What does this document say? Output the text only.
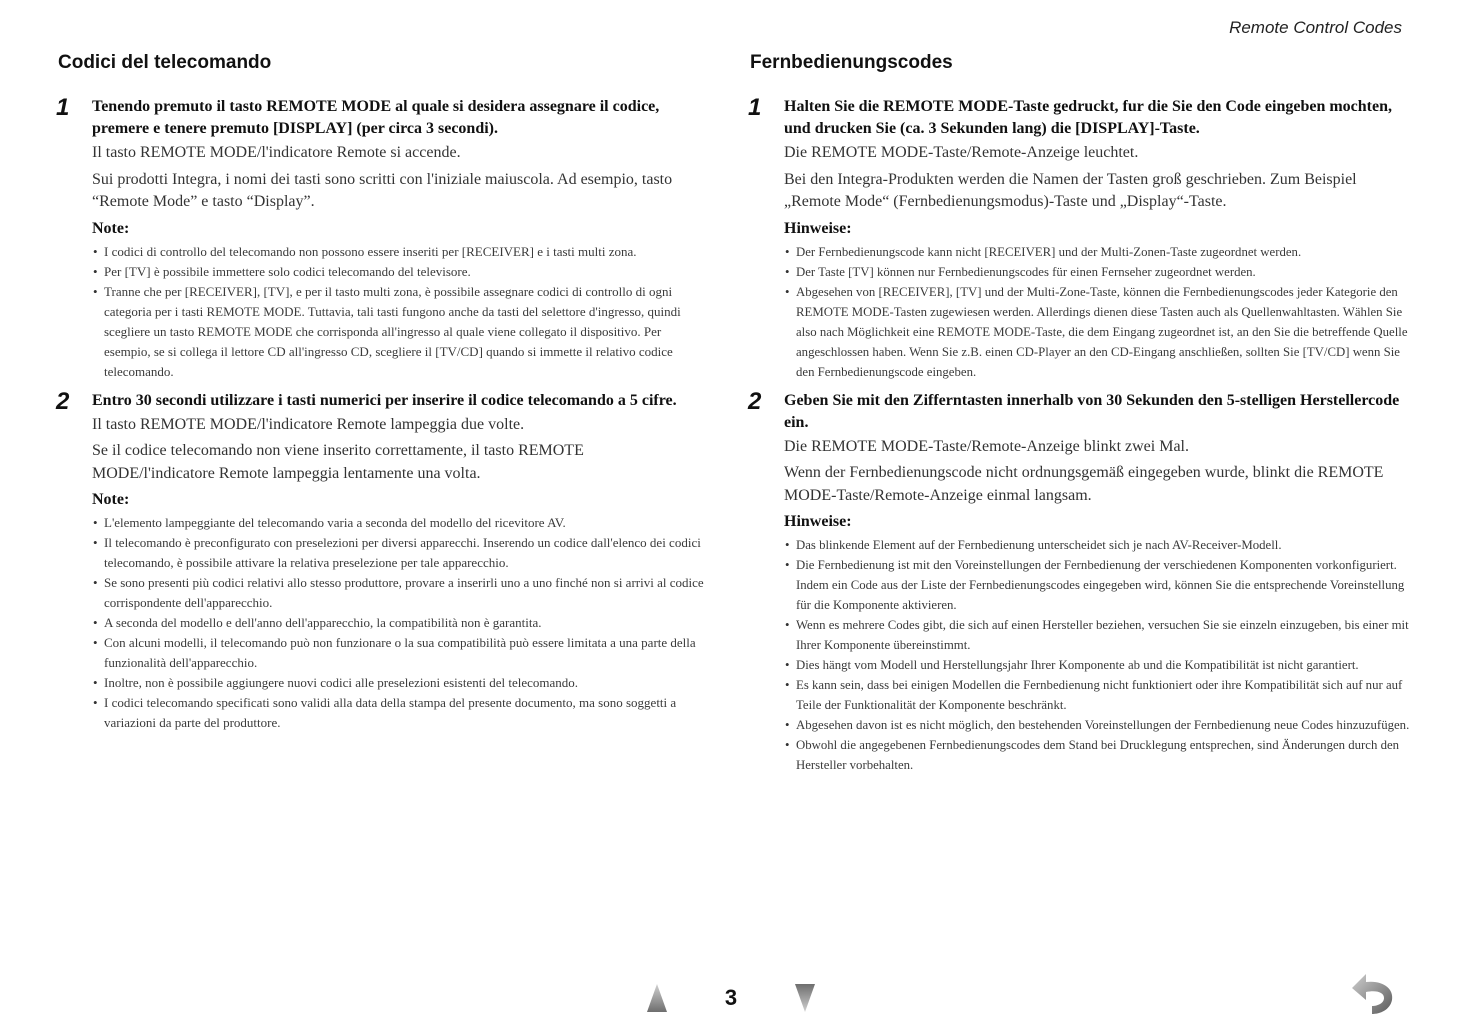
Remote Control Codes
Codici del telecomando
1 Tenendo premuto il tasto REMOTE MODE al quale si desidera assegnare il codice, premere e tenere premuto [DISPLAY] (per circa 3 secondi).

Il tasto REMOTE MODE/l'indicatore Remote si accende.

Sui prodotti Integra, i nomi dei tasti sono scritti con l'iniziale maiuscola. Ad esempio, tasto “Remote Mode” e tasto “Display”.

Note:
• I codici di controllo del telecomando non possono essere inseriti per [RECEIVER] e i tasti multi zona.
• Per [TV] è possibile immettere solo codici telecomando del televisore.
• Tranne che per [RECEIVER], [TV], e per il tasto multi zona, è possibile assegnare codici di controllo di ogni categoria per i tasti REMOTE MODE. Tuttavia, tali tasti fungono anche da tasti del selettore d'ingresso, quindi scegliere un tasto REMOTE MODE che corrisponda all'ingresso al quale viene collegato il dispositivo. Per esempio, se si collega il lettore CD all'ingresso CD, scegliere il [TV/CD] quando si immette il relativo codice telecomando.
2 Entro 30 secondi utilizzare i tasti numerici per inserire il codice telecomando a 5 cifre.

Il tasto REMOTE MODE/l'indicatore Remote lampeggia due volte.

Se il codice telecomando non viene inserito correttamente, il tasto REMOTE MODE/l'indicatore Remote lampeggia lentamente una volta.

Note:
• L'elemento lampeggiante del telecomando varia a seconda del modello del ricevitore AV.
• Il telecomando è preconfigurato con preselezioni per diversi apparecchi. Inserendo un codice dall'elenco dei codici telecomando, è possibile attivare la relativa preselezione per tale apparecchio.
• Se sono presenti più codici relativi allo stesso produttore, provare a inserirli uno a uno finché non si arrivi al codice corrispondente dell'apparecchio.
• A seconda del modello e dell'anno dell'apparecchio, la compatibilità non è garantita.
• Con alcuni modelli, il telecomando può non funzionare o la sua compatibilità può essere limitata a una parte della funzionalità dell'apparecchio.
• Inoltre, non è possibile aggiungere nuovi codici alle preselezioni esistenti del telecomando.
• I codici telecomando specificati sono validi alla data della stampa del presente documento, ma sono soggetti a variazioni da parte del produttore.
Fernbedienungscodes
1 Halten Sie die REMOTE MODE-Taste gedruckt, fur die Sie den Code eingeben mochten, und drucken Sie (ca. 3 Sekunden lang) die [DISPLAY]-Taste.

Die REMOTE MODE-Taste/Remote-Anzeige leuchtet.

Bei den Integra-Produkten werden die Namen der Tasten groß geschrieben. Zum Beispiel „Remote Mode“ (Fernbedienungsmodus)-Taste und „Display“-Taste.

Hinweise:
• Der Fernbedienungscode kann nicht [RECEIVER] und der Multi-Zonen-Taste zugeordnet werden.
• Der Taste [TV] können nur Fernbedienungscodes für einen Fernseher zugeordnet werden.
• Abgesehen von [RECEIVER], [TV] und der Multi-Zone-Taste, können die Fernbedienungscodes jeder Kategorie den REMOTE MODE-Tasten zugewiesen werden. Allerdings dienen diese Tasten auch als Quellenwahltasten. Wählen Sie also nach Möglichkeit eine REMOTE MODE-Taste, die dem Eingang zugeordnet ist, an den Sie die betreffende Quelle angeschlossen haben. Wenn Sie z.B. einen CD-Player an den CD-Eingang anschließen, sollten Sie [TV/CD] wenn Sie den Fernbedienungscode eingeben.
2 Geben Sie mit den Zifferntasten innerhalb von 30 Sekunden den 5-stelligen Herstellercode ein.

Die REMOTE MODE-Taste/Remote-Anzeige blinkt zwei Mal.

Wenn der Fernbedienungscode nicht ordnungsgemäß eingegeben wurde, blinkt die REMOTE MODE-Taste/Remote-Anzeige einmal langsam.

Hinweise:
• Das blinkende Element auf der Fernbedienung unterscheidet sich je nach AV-Receiver-Modell.
• Die Fernbedienung ist mit den Voreinstellungen der Fernbedienung der verschiedenen Komponenten vorkonfiguriert. Indem ein Code aus der Liste der Fernbedienungscodes eingegeben wird, können Sie die entsprechende Voreinstellung für die Komponente aktivieren.
• Wenn es mehrere Codes gibt, die sich auf einen Hersteller beziehen, versuchen Sie sie einzeln einzugeben, bis einer mit Ihrer Komponente übereinstimmt.
• Dies hängt vom Modell und Herstellungsjahr Ihrer Komponente ab und die Kompatibilität ist nicht garantiert.
• Es kann sein, dass bei einigen Modellen die Fernbedienung nicht funktioniert oder ihre Kompatibilität sich auf nur auf Teile der Funktionalität der Komponente beschränkt.
• Abgesehen davon ist es nicht möglich, den bestehenden Voreinstellungen der Fernbedienung neue Codes hinzuzufügen.
• Obwohl die angegebenen Fernbedienungscodes dem Stand bei Drucklegung entsprechen, sind Änderungen durch den Hersteller vorbehalten.
3
